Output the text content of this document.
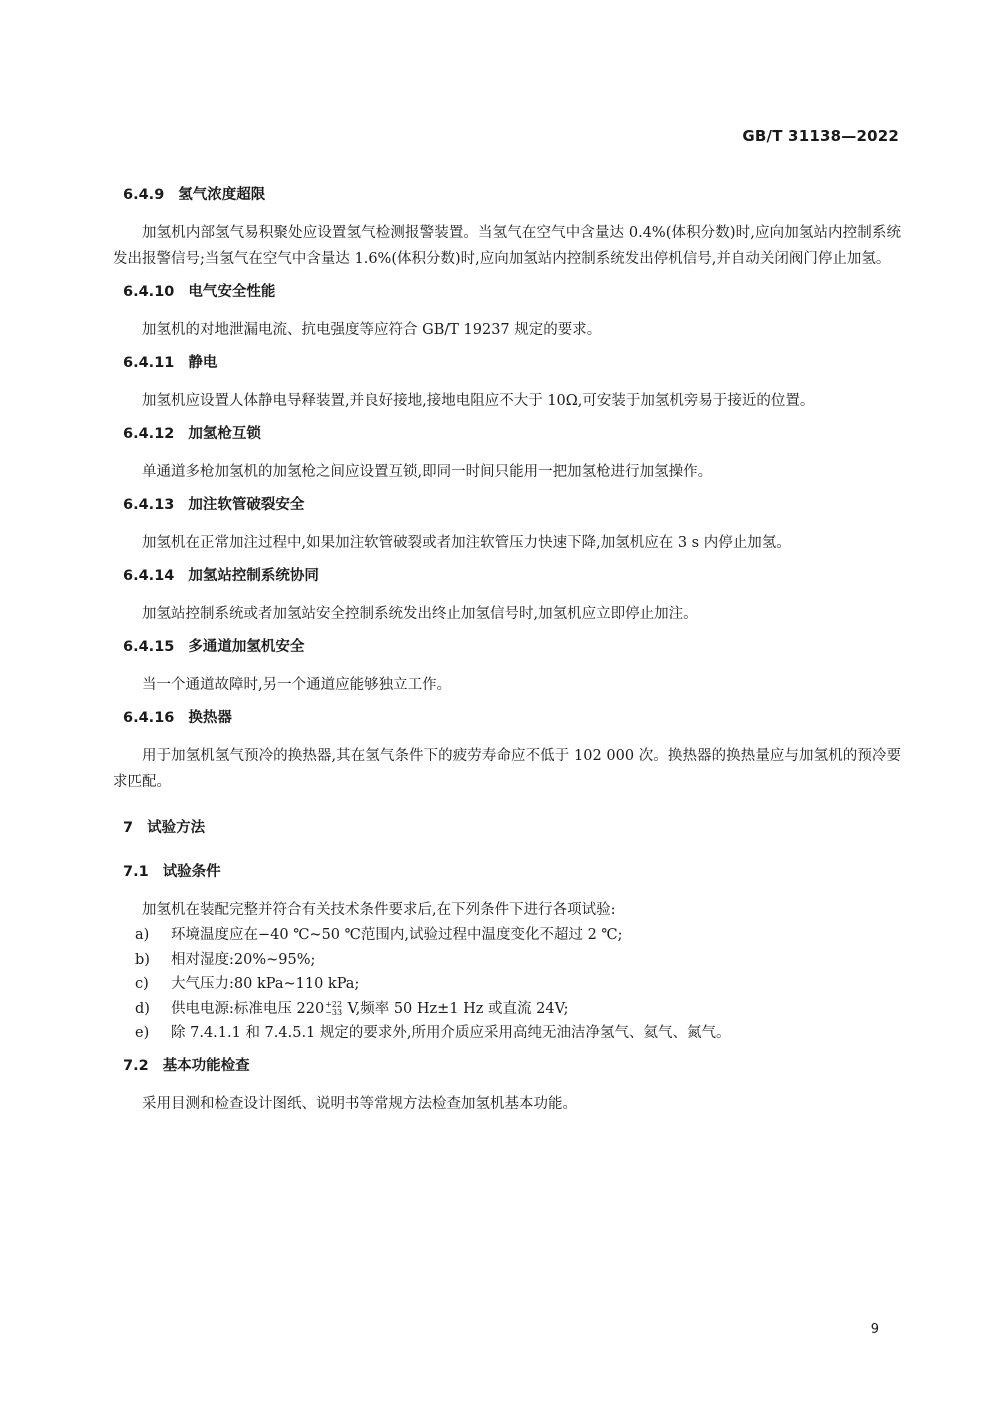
GB/T 31138—2022
6.4.9 氢气浓度超限
加氢机内部氢气易积聚处应设置氢气检测报警装置。当氢气在空气中含量达 0.4%(体积分数)时,应向加氢站内控制系统发出报警信号;当氢气在空气中含量达 1.6%(体积分数)时,应向加氢站内控制系统发出停机信号,并自动关闭阀门停止加氢。
6.4.10 电气安全性能
加氢机的对地泄漏电流、抗电强度等应符合 GB/T 19237 规定的要求。
6.4.11 静电
加氢机应设置人体静电导释装置,并良好接地,接地电阻应不大于 10Ω,可安装于加氢机旁易于接近的位置。
6.4.12 加氢枪互锁
单通道多枪加氢机的加氢枪之间应设置互锁,即同一时间只能用一把加氢枪进行加氢操作。
6.4.13 加注软管破裂安全
加氢机在正常加注过程中,如果加注软管破裂或者加注软管压力快速下降,加氢机应在 3 s 内停止加氢。
6.4.14 加氢站控制系统协同
加氢站控制系统或者加氢站安全控制系统发出终止加氢信号时,加氢机应立即停止加注。
6.4.15 多通道加氢机安全
当一个通道故障时,另一个通道应能够独立工作。
6.4.16 换热器
用于加氢机氢气预冷的换热器,其在氢气条件下的疲劳寿命应不低于 102 000 次。换热器的换热量应与加氢机的预冷要求匹配。
7 试验方法
7.1 试验条件
加氢机在装配完整并符合有关技术条件要求后,在下列条件下进行各项试验:
a) 环境温度应在−40 ℃~50 ℃范围内,试验过程中温度变化不超过 2 ℃;
b) 相对湿度:20%~95%;
c) 大气压力:80 kPa~110 kPa;
d) 供电电源:标准电压 220 +22
−33 V,频率 50 Hz±1 Hz 或直流 24V;
e) 除 7.4.1.1 和 7.4.5.1 规定的要求外,所用介质应采用高纯无油洁净氢气、氦气、氮气。
7.2 基本功能检查
采用目测和检查设计图纸、说明书等常规方法检查加氢机基本功能。
9
